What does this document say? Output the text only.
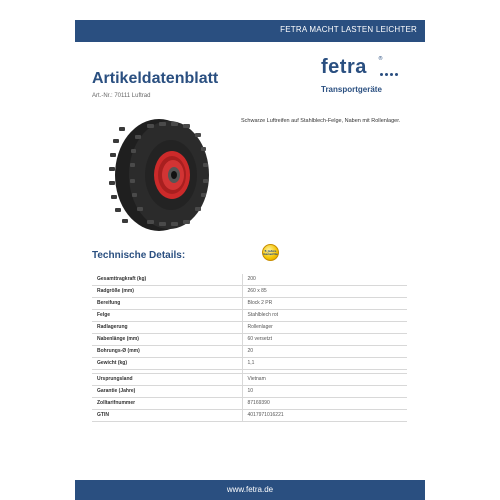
FETRA MACHT LASTEN LEICHTER
Artikeldatenblatt
Art.-Nr.: 70111 Luftrad
fetra ®
Transportgeräte
Schwarze Luftreifen auf Stahlblech-Felge, Naben mit Rollenlager.
Technische Details:	5 Jahre Garantie
Gesamttragkraft (kg)	200
Radgröße (mm)	260 x 85
Bereifung	Block 2 PR
Felge	Stahlblech rot
Radlagerung	Rollenlager
Nabenlänge (mm)	60 versetzt
Bohrungs-Ø (mm)	20
Gewicht (kg)	1,1

Ursprungsland	Vietnam
Garantie (Jahre)	10
Zolltarifnummer	87169390
GTIN	4017971016221
www.fetra.de
